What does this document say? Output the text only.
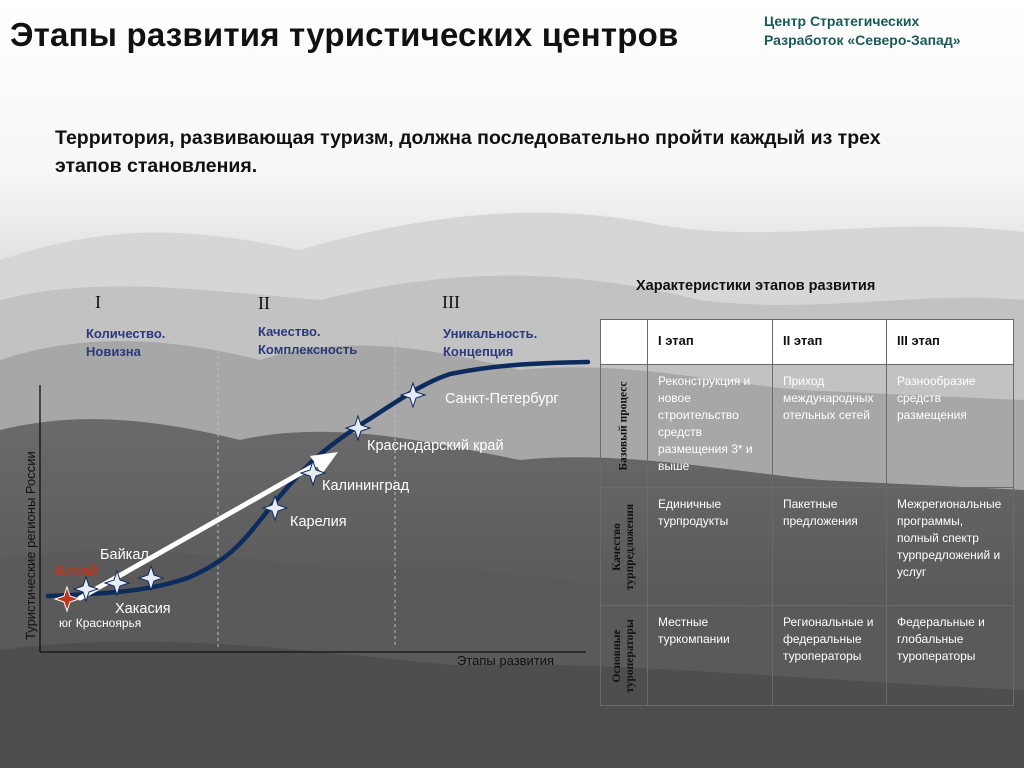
Этапы развития туристических центров	Центр Стратегических
Разработок «Северо-Запад»
Территория, развивающая туризм, должна последовательно пройти каждый из трех этапов становления.
I	II	III
Количество.
Новизна
Качество.
Комплексность
Уникальность.
Концепция
Санкт-Петербург
Краснодарский край
Калининград
Карелия
Байкал
Алтай
Хакасия
юг Красноярья
Туристические регионы России
Этапы развития
Характеристики этапов развития
	I этап	II этап	III этап

Базовый процесс	Реконструкция и новое строительство средств размещения 3* и выше	Приход международных отельных сетей	Разнообразие средств размещения

Качество турпредложения	Единичные турпродукты	Пакетные предложения	Межрегиональные программы, полный спектр турпредложений и услуг

Основные туроператоры	Местные туркомпании	Региональные и федеральные туроператоры	Федеральные и глобальные туроператоры
